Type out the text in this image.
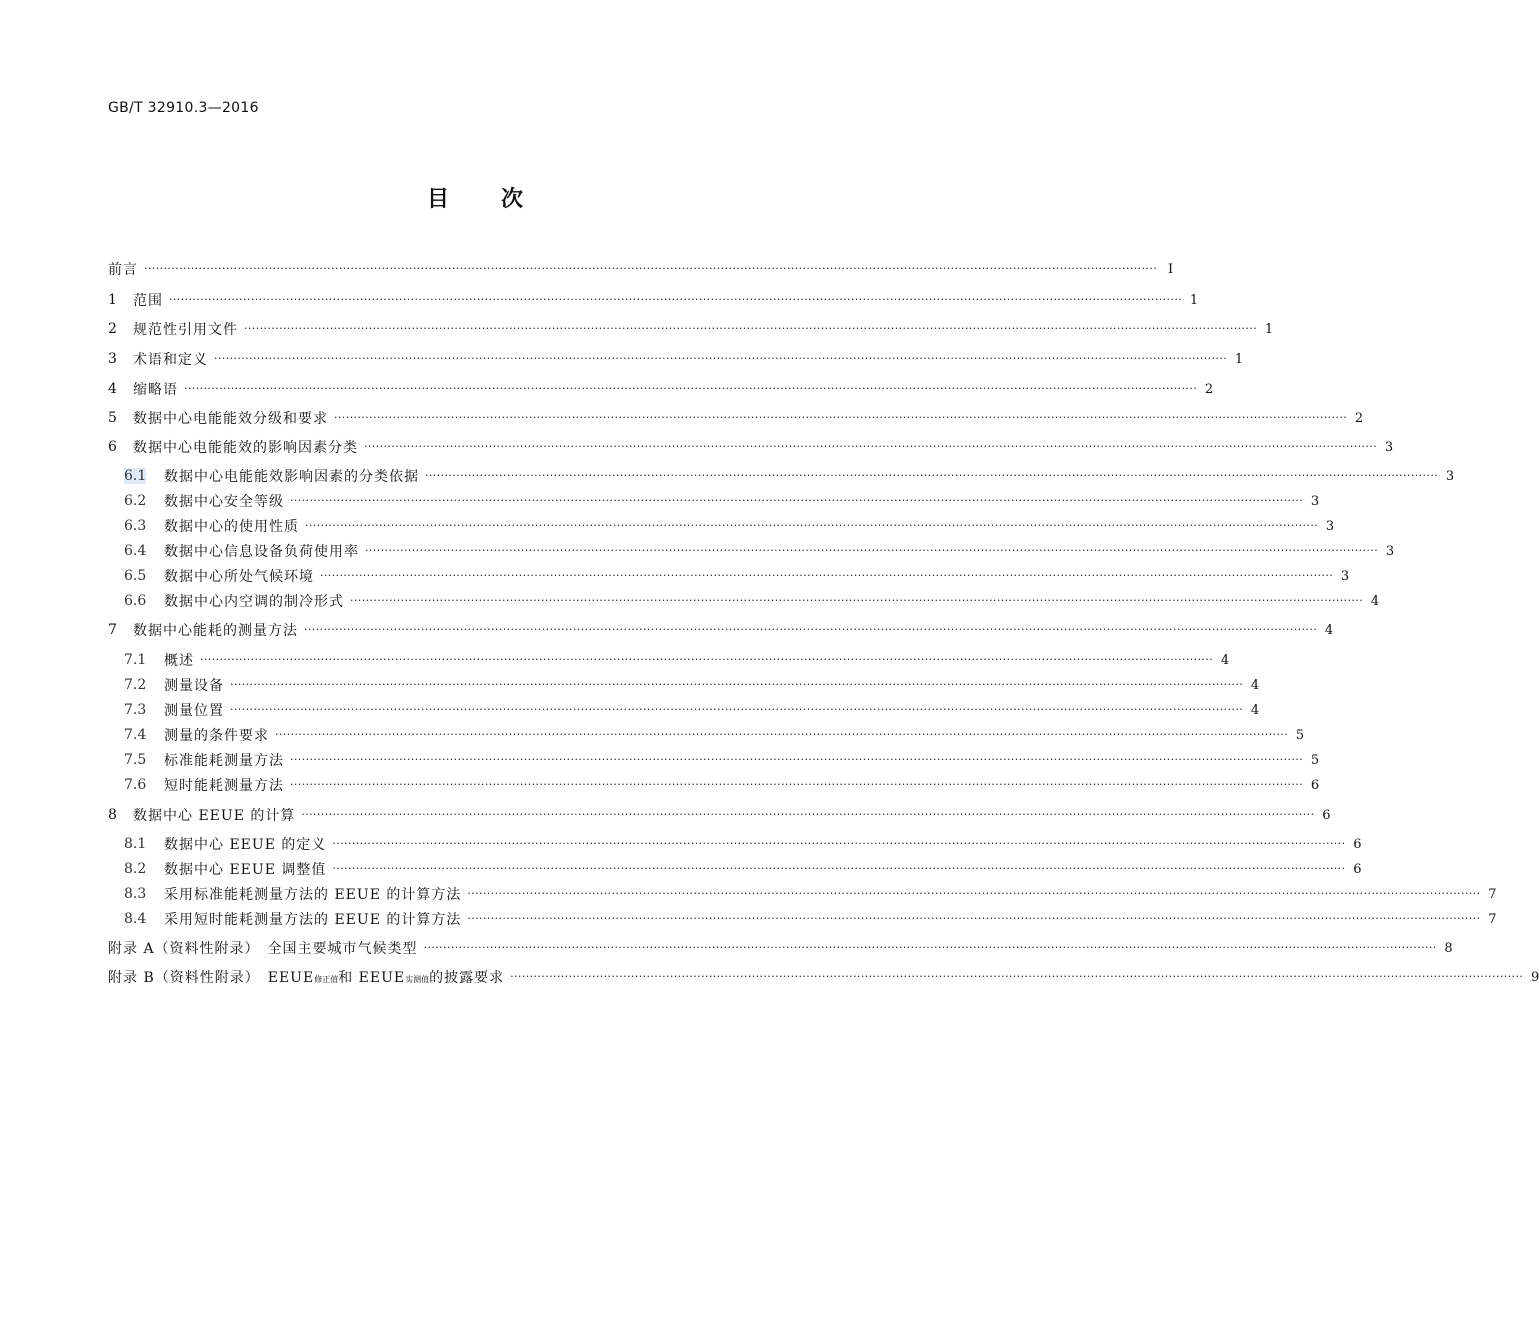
GB/T 32910.3—2016
目 次
前言 ···································································································································································································································································· Ⅰ
1	范围 ···································································································································································································································································· 1
2	规范性引用文件 ···································································································································································································································································· 1
3	术语和定义 ···································································································································································································································································· 1
4	缩略语 ···································································································································································································································································· 2
5	数据中心电能能效分级和要求 ···································································································································································································································································· 2
6	数据中心电能能效的影响因素分类 ···································································································································································································································································· 3
6.1	数据中心电能能效影响因素的分类依据 ···································································································································································································································································· 3
6.2	数据中心安全等级 ···································································································································································································································································· 3
6.3	数据中心的使用性质 ···································································································································································································································································· 3
6.4	数据中心信息设备负荷使用率 ···································································································································································································································································· 3
6.5	数据中心所处气候环境 ···································································································································································································································································· 3
6.6	数据中心内空调的制冷形式 ···································································································································································································································································· 4
7	数据中心能耗的测量方法 ···································································································································································································································································· 4
7.1	概述 ···································································································································································································································································· 4
7.2	测量设备 ···································································································································································································································································· 4
7.3	测量位置 ···································································································································································································································································· 4
7.4	测量的条件要求 ···································································································································································································································································· 5
7.5	标准能耗测量方法 ···································································································································································································································································· 5
7.6	短时能耗测量方法 ···································································································································································································································································· 6
8	数据中心 EEUE 的计算 ···································································································································································································································································· 6
8.1	数据中心 EEUE 的定义 ···································································································································································································································································· 6
8.2	数据中心 EEUE 调整值 ···································································································································································································································································· 6
8.3	采用标准能耗测量方法的 EEUE 的计算方法 ···································································································································································································································································· 7
8.4	采用短时能耗测量方法的 EEUE 的计算方法 ···································································································································································································································································· 7
附录 A（资料性附录）　全国主要城市气候类型 ···································································································································································································································································· 8
附录 B（资料性附录）　EEUE修正值和 EEUE实测值的披露要求 ···································································································································································································································································· 9
